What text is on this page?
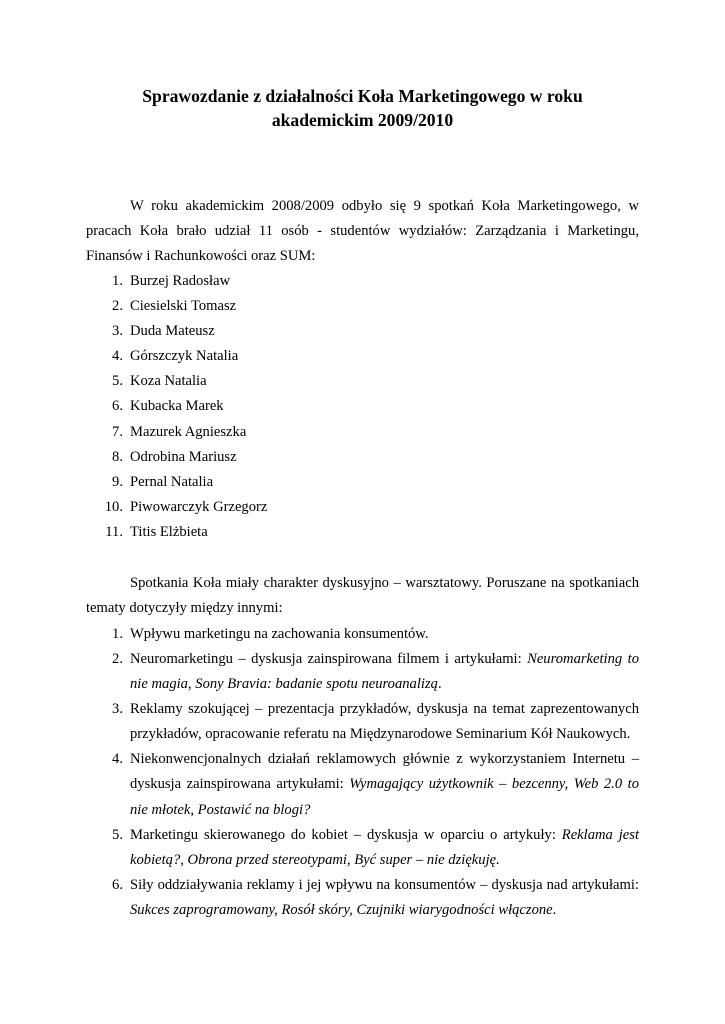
Sprawozdanie z działalności Koła Marketingowego w roku
akademickim 2009/2010
W roku akademickim 2008/2009 odbyło się 9 spotkań Koła Marketingowego, w pracach Koła brało udział 11 osób - studentów wydziałów: Zarządzania i Marketingu, Finansów i Rachunkowości oraz SUM:
1. Burzej Radosław
2. Ciesielski Tomasz
3. Duda Mateusz
4. Górszczyk Natalia
5. Koza Natalia
6. Kubacka Marek
7. Mazurek Agnieszka
8. Odrobina Mariusz
9. Pernal Natalia
10. Piwowarczyk Grzegorz
11. Titis Elżbieta
Spotkania Koła miały charakter dyskusyjno – warsztatowy. Poruszane na spotkaniach tematy dotyczyły między innymi:
1. Wpływu marketingu na zachowania konsumentów.
2. Neuromarketingu – dyskusja zainspirowana filmem i artykułami: Neuromarketing to nie magia, Sony Bravia: badanie spotu neuroanalizą.
3. Reklamy szokującej – prezentacja przykładów, dyskusja na temat zaprezentowanych przykładów, opracowanie referatu na Międzynarodowe Seminarium Kół Naukowych.
4. Niekonwencjonalnych działań reklamowych głównie z wykorzystaniem Internetu – dyskusja zainspirowana artykułami: Wymagający użytkownik – bezcenny, Web 2.0 to nie młotek, Postawić na blogi?
5. Marketingu skierowanego do kobiet – dyskusja w oparciu o artykuły: Reklama jest kobietą?, Obrona przed stereotypami, Być super – nie dziękuję.
6. Siły oddziaływania reklamy i jej wpływu na konsumentów – dyskusja nad artykułami: Sukces zaprogramowany, Rosół skóry, Czujniki wiarygodności włączone.
